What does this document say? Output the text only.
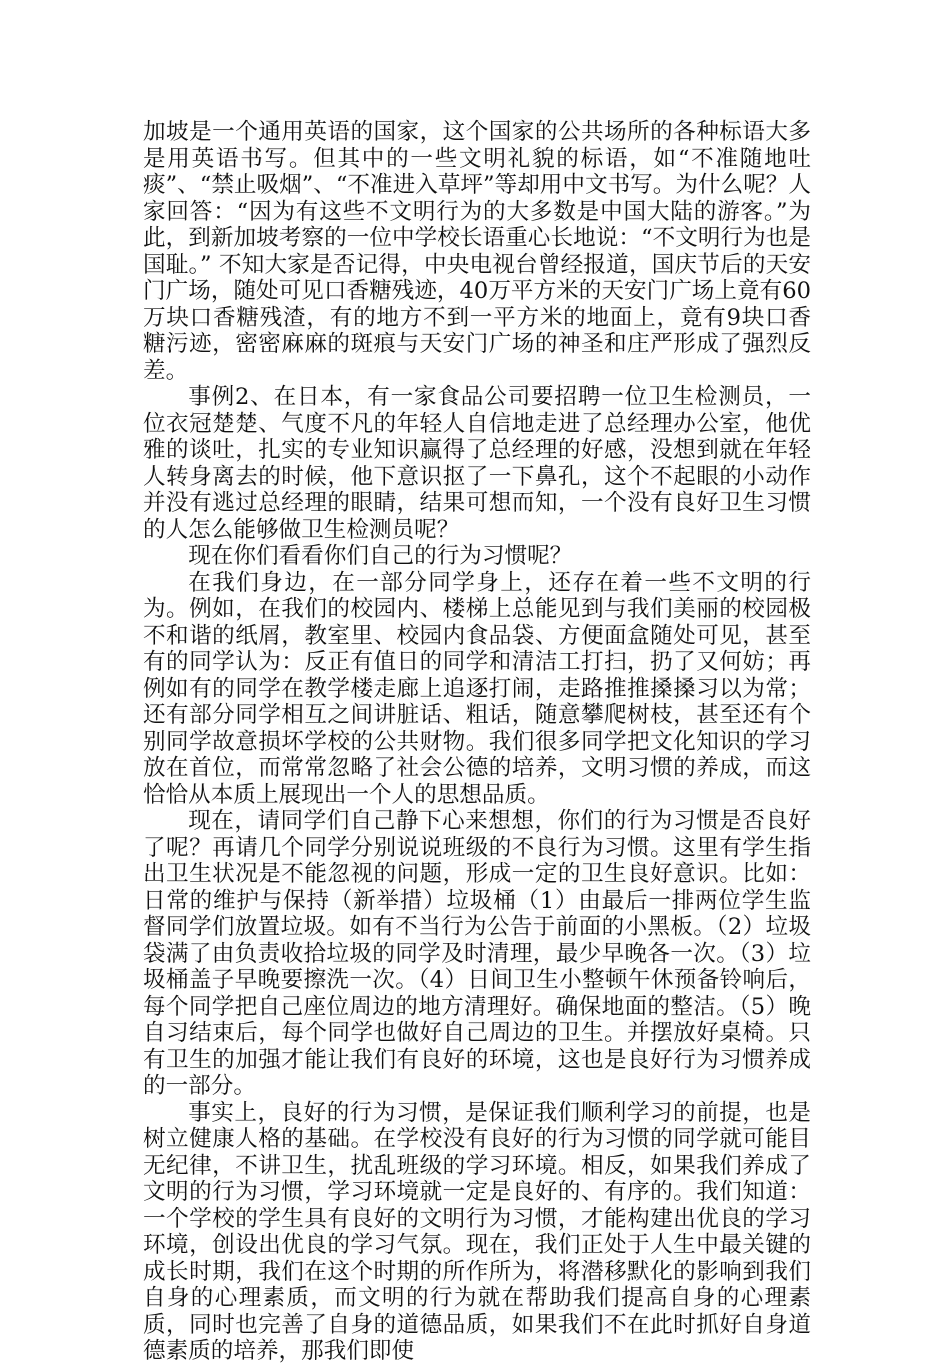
加坡是一个通用英语的国家，这个国家的公共场所的各种标语大多是用英语书写。但其中的一些文明礼貌的标语，如“不准随地吐痰”、“禁止吸烟”、“不准进入草坪”等却用中文书写。为什么呢？人家回答：“因为有这些不文明行为的大多数是中国大陆的游客。”为此，到新加坡考察的一位中学校长语重心长地说：“不文明行为也是国耻。” 不知大家是否记得，中央电视台曾经报道，国庆节后的天安门广场，随处可见口香糖残迹，40万平方米的天安门广场上竟有60万块口香糖残渣，有的地方不到一平方米的地面上，竟有9块口香糖污迹，密密麻麻的斑痕与天安门广场的神圣和庄严形成了强烈反差。

事例2、在日本，有一家食品公司要招聘一位卫生检测员，一位衣冠楚楚、气度不凡的年轻人自信地走进了总经理办公室，他优雅的谈吐，扎实的专业知识赢得了总经理的好感，没想到就在年轻人转身离去的时候，他下意识抠了一下鼻孔，这个不起眼的小动作并没有逃过总经理的眼睛，结果可想而知，一个没有良好卫生习惯的人怎么能够做卫生检测员呢？

现在你们看看你们自己的行为习惯呢？

在我们身边，在一部分同学身上，还存在着一些不文明的行为。例如，在我们的校园内、楼梯上总能见到与我们美丽的校园极不和谐的纸屑，教室里、校园内食品袋、方便面盒随处可见，甚至有的同学认为：反正有值日的同学和清洁工打扫，扔了又何妨；再例如有的同学在教学楼走廊上追逐打闹，走路推推搡搡习以为常；还有部分同学相互之间讲脏话、粗话，随意攀爬树枝，甚至还有个别同学故意损坏学校的公共财物。我们很多同学把文化知识的学习放在首位，而常常忽略了社会公德的培养，文明习惯的养成，而这恰恰从本质上展现出一个人的思想品质。

现在，请同学们自己静下心来想想，你们的行为习惯是否良好了呢？再请几个同学分别说说班级的不良行为习惯。这里有学生指出卫生状况是不能忽视的问题，形成一定的卫生良好意识。比如：日常的维护与保持（新举措）垃圾桶（1）由最后一排两位学生监督同学们放置垃圾。如有不当行为公告于前面的小黑板。（2）垃圾袋满了由负责收拾垃圾的同学及时清理，最少早晚各一次。（3）垃圾桶盖子早晚要擦洗一次。（4）日间卫生小整顿午休预备铃响后，每个同学把自己座位周边的地方清理好。确保地面的整洁。（5）晚自习结束后，每个同学也做好自己周边的卫生。并摆放好桌椅。只有卫生的加强才能让我们有良好的环境，这也是良好行为习惯养成的一部分。

事实上，良好的行为习惯，是保证我们顺利学习的前提，也是树立健康人格的基础。在学校没有良好的行为习惯的同学就可能目无纪律，不讲卫生，扰乱班级的学习环境。相反，如果我们养成了文明的行为习惯，学习环境就一定是良好的、有序的。我们知道：一个学校的学生具有良好的文明行为习惯，才能构建出优良的学习环境，创设出优良的学习气氛。现在，我们正处于人生中最关键的成长时期，我们在这个时期的所作所为，将潜移默化的影响到我们自身的心理素质，而文明的行为就在帮助我们提高自身的心理素质，同时也完善了自身的道德品质，如果我们不在此时抓好自身道德素质的培养，那我们即使
